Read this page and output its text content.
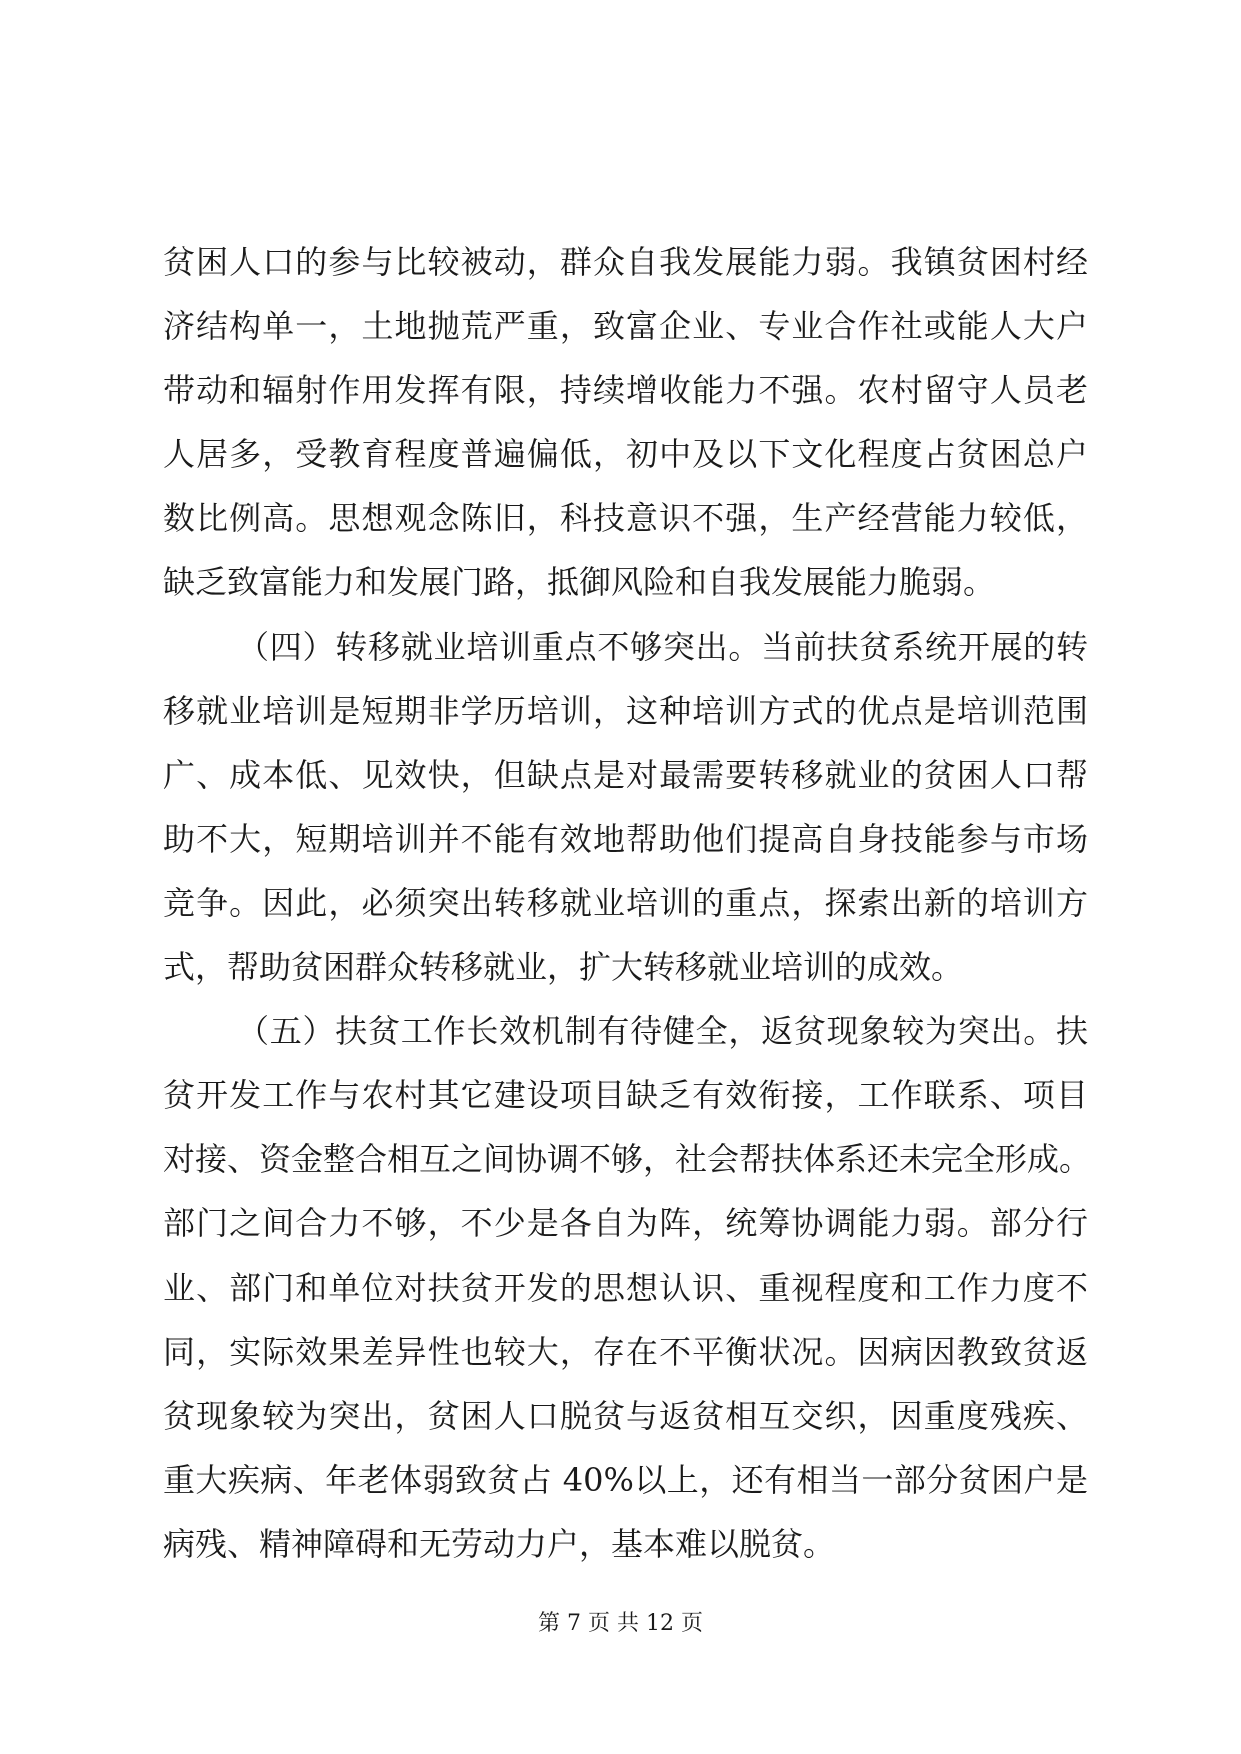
贫困人口的参与比较被动，群众自我发展能力弱。我镇贫困村经
济结构单一，土地抛荒严重，致富企业、专业合作社或能人大户
带动和辐射作用发挥有限，持续增收能力不强。农村留守人员老
人居多，受教育程度普遍偏低，初中及以下文化程度占贫困总户
数比例高。思想观念陈旧，科技意识不强，生产经营能力较低，
缺乏致富能力和发展门路，抵御风险和自我发展能力脆弱。
（四）转移就业培训重点不够突出。当前扶贫系统开展的转
移就业培训是短期非学历培训，这种培训方式的优点是培训范围
广、成本低、见效快，但缺点是对最需要转移就业的贫困人口帮
助不大，短期培训并不能有效地帮助他们提高自身技能参与市场
竞争。因此，必须突出转移就业培训的重点，探索出新的培训方
式，帮助贫困群众转移就业，扩大转移就业培训的成效。
（五）扶贫工作长效机制有待健全，返贫现象较为突出。扶
贫开发工作与农村其它建设项目缺乏有效衔接，工作联系、项目
对接、资金整合相互之间协调不够，社会帮扶体系还未完全形成。
部门之间合力不够，不少是各自为阵，统筹协调能力弱。部分行
业、部门和单位对扶贫开发的思想认识、重视程度和工作力度不
同，实际效果差异性也较大，存在不平衡状况。因病因教致贫返
贫现象较为突出，贫困人口脱贫与返贫相互交织，因重度残疾、
重大疾病、年老体弱致贫占 40%以上，还有相当一部分贫困户是
病残、精神障碍和无劳动力户，基本难以脱贫。
第 7 页 共 12 页
